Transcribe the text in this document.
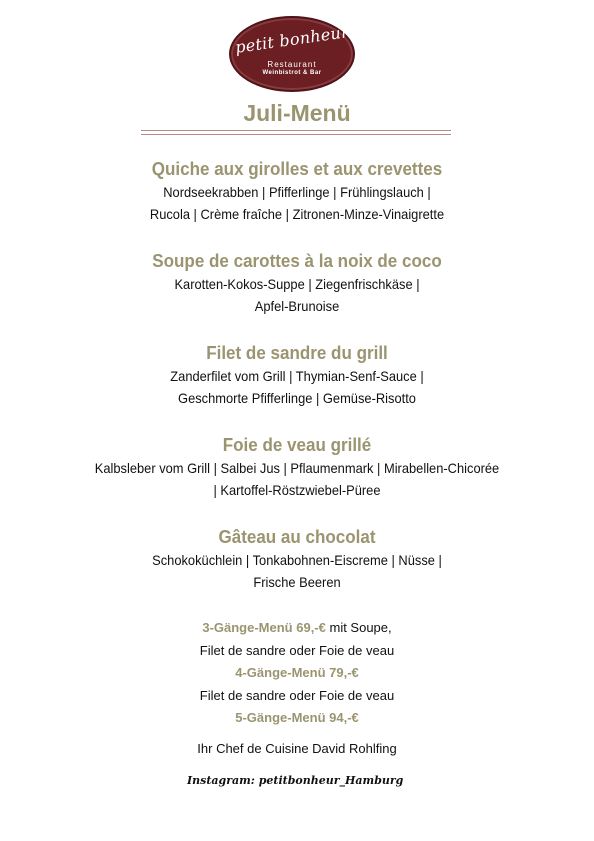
petit bonheur
Restaurant
Weinbistrot & Bar
Juli-Menü
Quiche aux girolles et aux crevettes
Nordseekrabben | Pfifferlinge | Frühlingslauch |
Rucola | Crème fraîche | Zitronen-Minze-Vinaigrette
Soupe de carottes à la noix de coco
Karotten-Kokos-Suppe | Ziegenfrischkäse |
Apfel-Brunoise
Filet de sandre du grill
Zanderfilet vom Grill | Thymian-Senf-Sauce |
Geschmorte Pfifferlinge | Gemüse-Risotto
Foie de veau grillé
Kalbsleber vom Grill | Salbei Jus | Pflaumenmark | Mirabellen-Chicorée
| Kartoffel-Röstzwiebel-Püree
Gâteau au chocolat
Schokoküchlein | Tonkabohnen-Eiscreme | Nüsse |
Frische Beeren
3-Gänge-Menü 69,-€ mit Soupe,
Filet de sandre oder Foie de veau
4-Gänge-Menü 79,-€
Filet de sandre oder Foie de veau
5-Gänge-Menü 94,-€
Ihr Chef de Cuisine David Rohlfing
Instagram: petitbonheur_Hamburg
